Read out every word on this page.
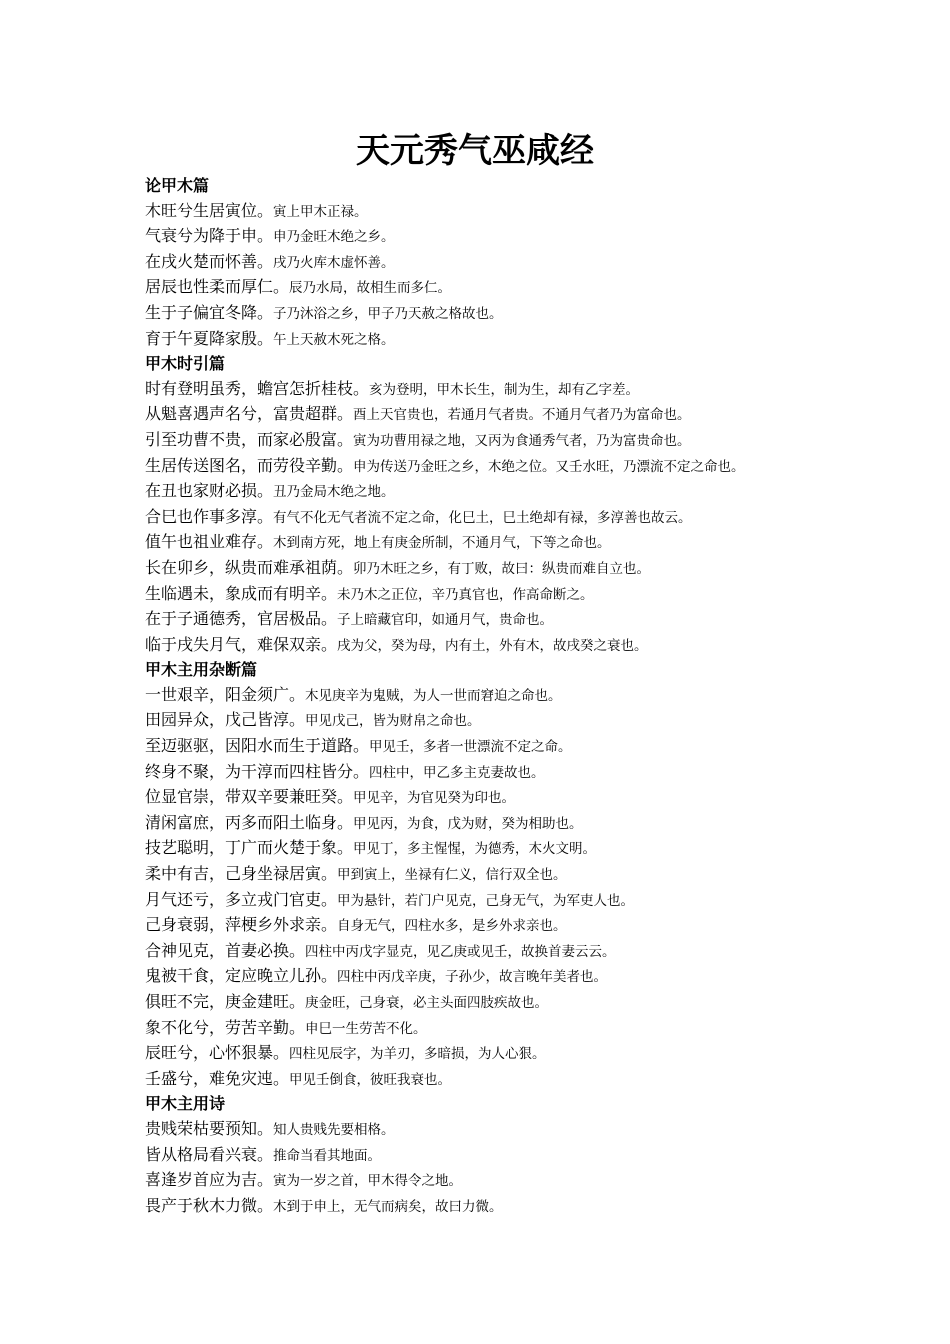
天元秀气巫咸经
论甲木篇
木旺兮生居寅位。寅上甲木正禄。
气衰兮为降于申。申乃金旺木绝之乡。
在戌火楚而怀善。戌乃火库木虚怀善。
居辰也性柔而厚仁。辰乃水局，故相生而多仁。
生于子偏宜冬降。子乃沐浴之乡，甲子乃天赦之格故也。
育于午夏降家殷。午上天赦木死之格。
甲木时引篇
时有登明虽秀，蟾宫怎折桂枝。亥为登明，甲木长生，制为生，却有乙字差。
从魁喜遇声名兮，富贵超群。酉上天官贵也，若通月气者贵。不通月气者乃为富命也。
引至功曹不贵，而家必殷富。寅为功曹用禄之地，又丙为食通秀气者，乃为富贵命也。
生居传送图名，而劳役辛勤。申为传送乃金旺之乡，木绝之位。又壬水旺，乃漂流不定之命也。
在丑也家财必损。丑乃金局木绝之地。
合巳也作事多淳。有气不化无气者流不定之命，化巳土，巳土绝却有禄，多淳善也故云。
值午也祖业难存。木到南方死，地上有庚金所制，不通月气，下等之命也。
长在卯乡，纵贵而难承祖荫。卯乃木旺之乡，有丁败，故曰：纵贵而难自立也。
生临遇未，象成而有明辛。未乃木之正位，辛乃真官也，作高命断之。
在于子通德秀，官居极品。子上暗藏官印，如通月气，贵命也。
临于戌失月气，难保双亲。戌为父，癸为母，内有土，外有木，故戌癸之衰也。
甲木主用杂断篇
一世艰辛，阳金须广。木见庚辛为鬼贼，为人一世而窘迫之命也。
田园异众，戊己皆淳。甲见戊己，皆为财帛之命也。
至迈驱驱，因阳水而生于道路。甲见壬，多者一世漂流不定之命。
终身不聚，为干淳而四柱皆分。四柱中，甲乙多主克妻故也。
位显官崇，带双辛要兼旺癸。甲见辛，为官见癸为印也。
清闲富庶，丙多而阳土临身。甲见丙，为食，戊为财，癸为相助也。
技艺聪明，丁广而火楚于象。甲见丁，多主惺惺，为德秀，木火文明。
柔中有吉，己身坐禄居寅。甲到寅上，坐禄有仁义，信行双全也。
月气还亏，多立戎门官吏。甲为悬针，若门户见克，己身无气，为军吏人也。
己身衰弱，萍梗乡外求亲。自身无气，四柱水多，是乡外求亲也。
合神见克，首妻必换。四柱中丙戊字显克，见乙庚或见壬，故换首妻云云。
鬼被干食，定应晚立儿孙。四柱中丙戊辛庚，子孙少，故言晚年美者也。
俱旺不完，庚金建旺。庚金旺，己身衰，必主头面四肢疾故也。
象不化兮，劳苦辛勤。申巳一生劳苦不化。
辰旺兮，心怀狠暴。四柱见辰字，为羊刃，多暗损，为人心狠。
壬盛兮，难免灾迍。甲见壬倒食，彼旺我衰也。
甲木主用诗
贵贱荣枯要预知。知人贵贱先要相格。
皆从格局看兴衰。推命当看其地面。
喜逢岁首应为吉。寅为一岁之首，甲木得令之地。
畏产于秋木力微。木到于申上，无气而病矣，故曰力微。
